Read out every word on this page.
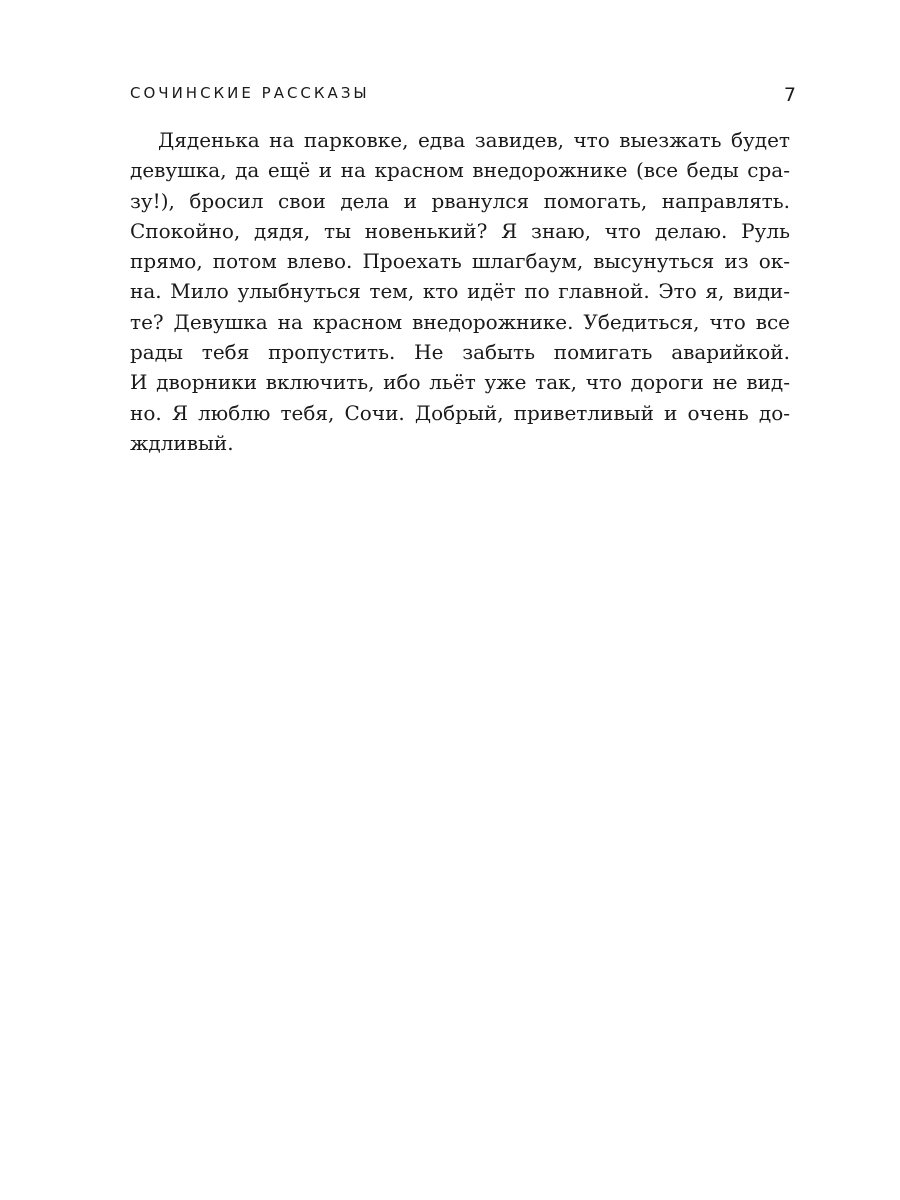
СОЧИНСКИЕ РАССКАЗЫ	7
Дяденька на парковке, едва завидев, что выезжать будет
девушка, да ещё и на красном внедорожнике (все беды сра-
зу!), бросил свои дела и рванулся помогать, направлять.
Спокойно, дядя, ты новенький? Я знаю, что делаю. Руль
прямо, потом влево. Проехать шлагбаум, высунуться из ок-
на. Мило улыбнуться тем, кто идёт по главной. Это я, види-
те? Девушка на красном внедорожнике. Убедиться, что все
рады тебя пропустить. Не забыть помигать аварийкой.
И дворники включить, ибо льёт уже так, что дороги не вид-
но. Я люблю тебя, Сочи. Добрый, приветливый и очень до-
ждливый.
